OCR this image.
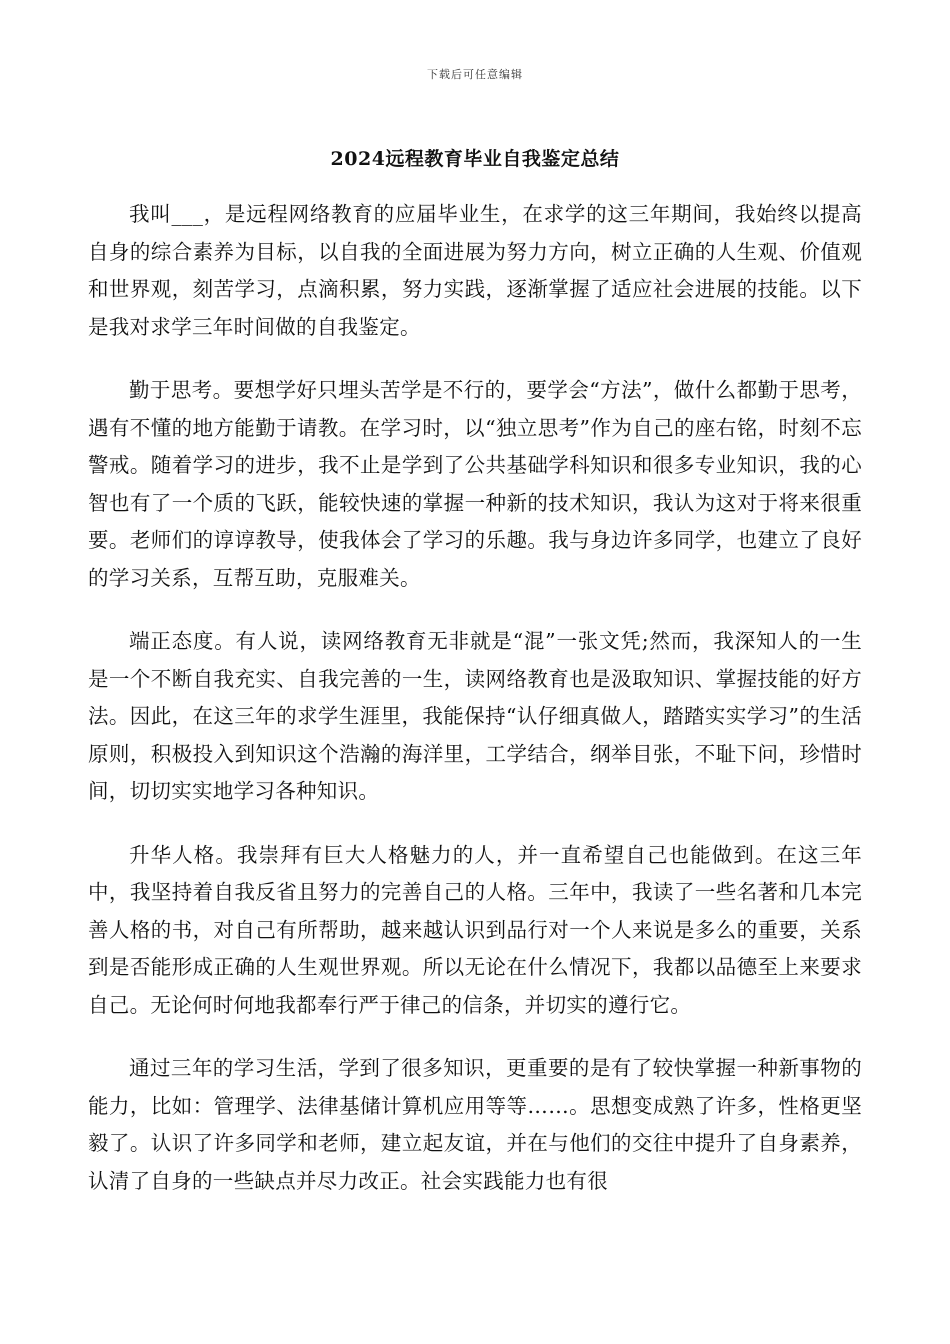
下载后可任意编辑
2024远程教育毕业自我鉴定总结

我叫___，是远程网络教育的应届毕业生，在求学的这三年期间，我始终以提高自身的综合素养为目标，以自我的全面进展为努力方向，树立正确的人生观、价值观和世界观，刻苦学习，点滴积累，努力实践，逐渐掌握了适应社会进展的技能。以下是我对求学三年时间做的自我鉴定。

勤于思考。要想学好只埋头苦学是不行的，要学会“方法”，做什么都勤于思考，遇有不懂的地方能勤于请教。在学习时，以“独立思考”作为自己的座右铭，时刻不忘警戒。随着学习的进步，我不止是学到了公共基础学科知识和很多专业知识，我的心智也有了一个质的飞跃，能较快速的掌握一种新的技术知识，我认为这对于将来很重要。老师们的谆谆教导，使我体会了学习的乐趣。我与身边许多同学，也建立了良好的学习关系，互帮互助，克服难关。

端正态度。有人说，读网络教育无非就是“混”一张文凭;然而，我深知人的一生是一个不断自我充实、自我完善的一生，读网络教育也是汲取知识、掌握技能的好方法。因此，在这三年的求学生涯里，我能保持“认仔细真做人，踏踏实实学习”的生活原则，积极投入到知识这个浩瀚的海洋里，工学结合，纲举目张，不耻下问，珍惜时间，切切实实地学习各种知识。

升华人格。我崇拜有巨大人格魅力的人，并一直希望自己也能做到。在这三年中，我坚持着自我反省且努力的完善自己的人格。三年中，我读了一些名著和几本完善人格的书，对自己有所帮助，越来越认识到品行对一个人来说是多么的重要，关系到是否能形成正确的人生观世界观。所以无论在什么情况下，我都以品德至上来要求自己。无论何时何地我都奉行严于律己的信条，并切实的遵行它。

通过三年的学习生活，学到了很多知识，更重要的是有了较快掌握一种新事物的能力，比如：管理学、法律基储计算机应用等等……。思想变成熟了许多，性格更坚毅了。认识了许多同学和老师，建立起友谊，并在与他们的交往中提升了自身素养，认清了自身的一些缺点并尽力改正。社会实践能力也有很
